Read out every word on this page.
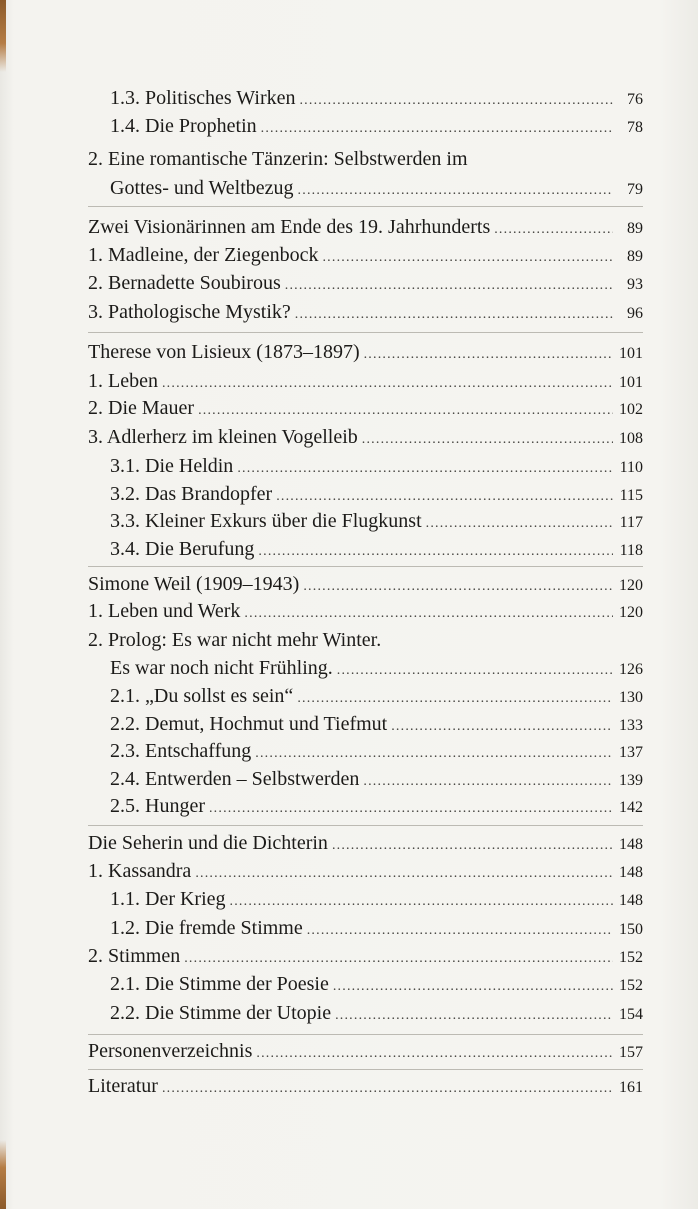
1.3. Politisches Wirken .....	76
1.4. Die Prophetin .....	78
2. Eine romantische Tänzerin: Selbstwerden im
Gottes- und Weltbezug .....	79
Zwei Visionärinnen am Ende des 19. Jahrhunderts .....	89
1. Madleine, der Ziegenbock .....	89
2. Bernadette Soubirous .....	93
3. Pathologische Mystik? .....	96
Therese von Lisieux (1873–1897) .....	101
1. Leben .....	101
2. Die Mauer .....	102
3. Adlerherz im kleinen Vogelleib .....	108
3.1. Die Heldin .....	110
3.2. Das Brandopfer .....	115
3.3. Kleiner Exkurs über die Flugkunst .....	117
3.4. Die Berufung .....	118
Simone Weil (1909–1943) .....	120
1. Leben und Werk .....	120
2. Prolog: Es war nicht mehr Winter.
Es war noch nicht Frühling. .....	126
2.1. „Du sollst es sein“ .....	130
2.2. Demut, Hochmut und Tiefmut .....	133
2.3. Entschaffung .....	137
2.4. Entwerden – Selbstwerden .....	139
2.5. Hunger .....	142
Die Seherin und die Dichterin .....	148
1. Kassandra .....	148
1.1. Der Krieg .....	148
1.2. Die fremde Stimme .....	150
2. Stimmen .....	152
2.1. Die Stimme der Poesie .....	152
2.2. Die Stimme der Utopie .....	154
Personenverzeichnis .....	157
Literatur .....	161
